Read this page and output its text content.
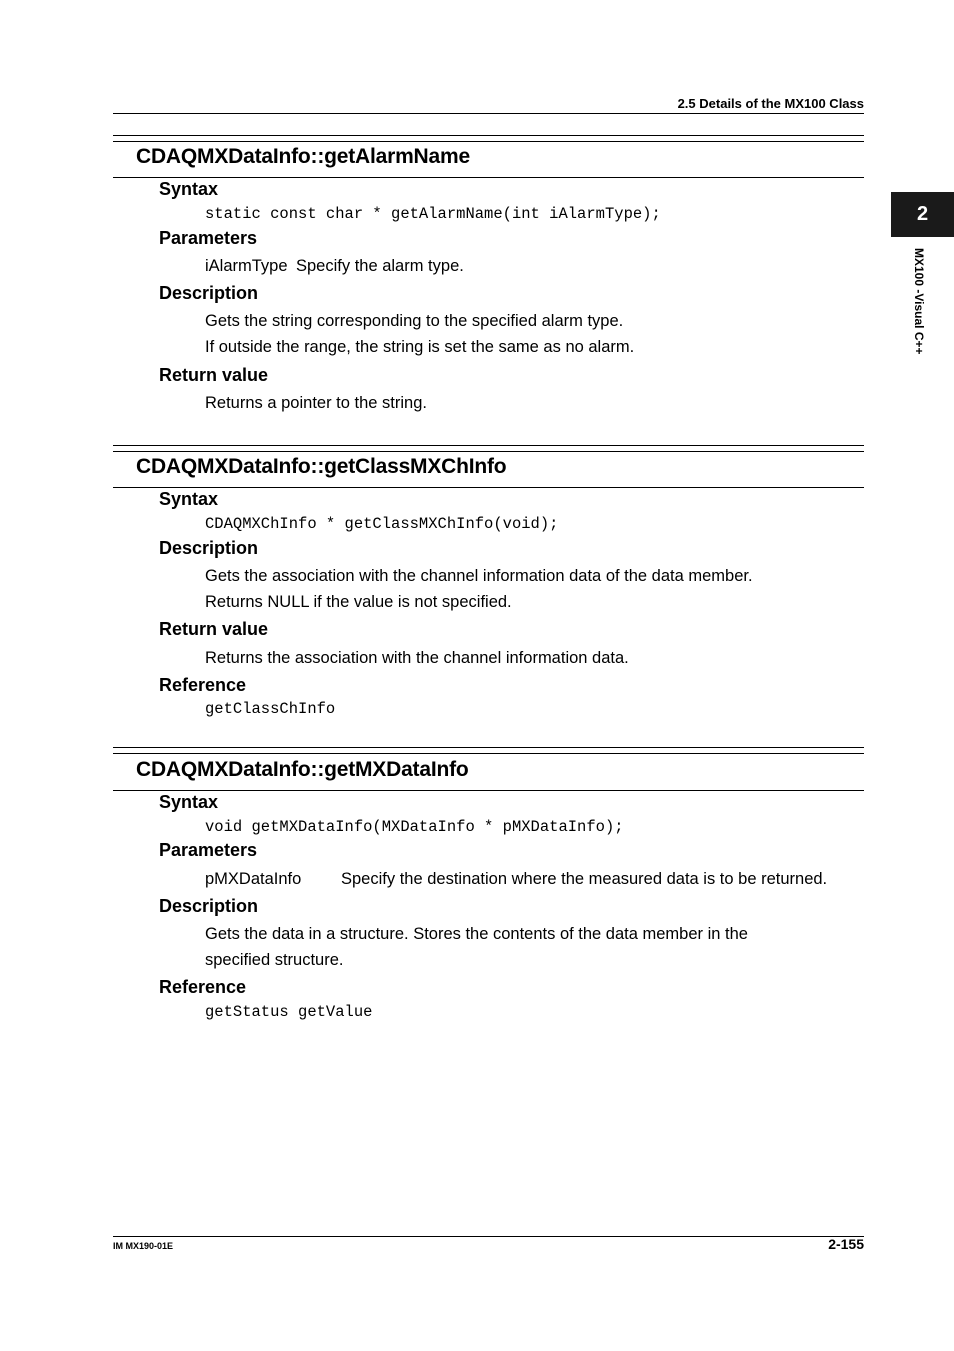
2.5 Details of the MX100 Class
2
MX100 -Visual C++
CDAQMXDataInfo::getAlarmName
Syntax
static const char * getAlarmName(int iAlarmType);
Parameters
iAlarmType Specify the alarm type.
Description
Gets the string corresponding to the specified alarm type.
If outside the range, the string is set the same as no alarm.
Return value
Returns a pointer to the string.
CDAQMXDataInfo::getClassMXChInfo
Syntax
CDAQMXChInfo * getClassMXChInfo(void);
Description
Gets the association with the channel information data of the data member.
Returns NULL if the value is not specified.
Return value
Returns the association with the channel information data.
Reference
getClassChInfo
CDAQMXDataInfo::getMXDataInfo
Syntax
void getMXDataInfo(MXDataInfo * pMXDataInfo);
Parameters
pMXDataInfo Specify the destination where the measured data is to be returned.
Description
Gets the data in a structure. Stores the contents of the data member in the
specified structure.
Reference
getStatus getValue
IM MX190-01E	2-155
